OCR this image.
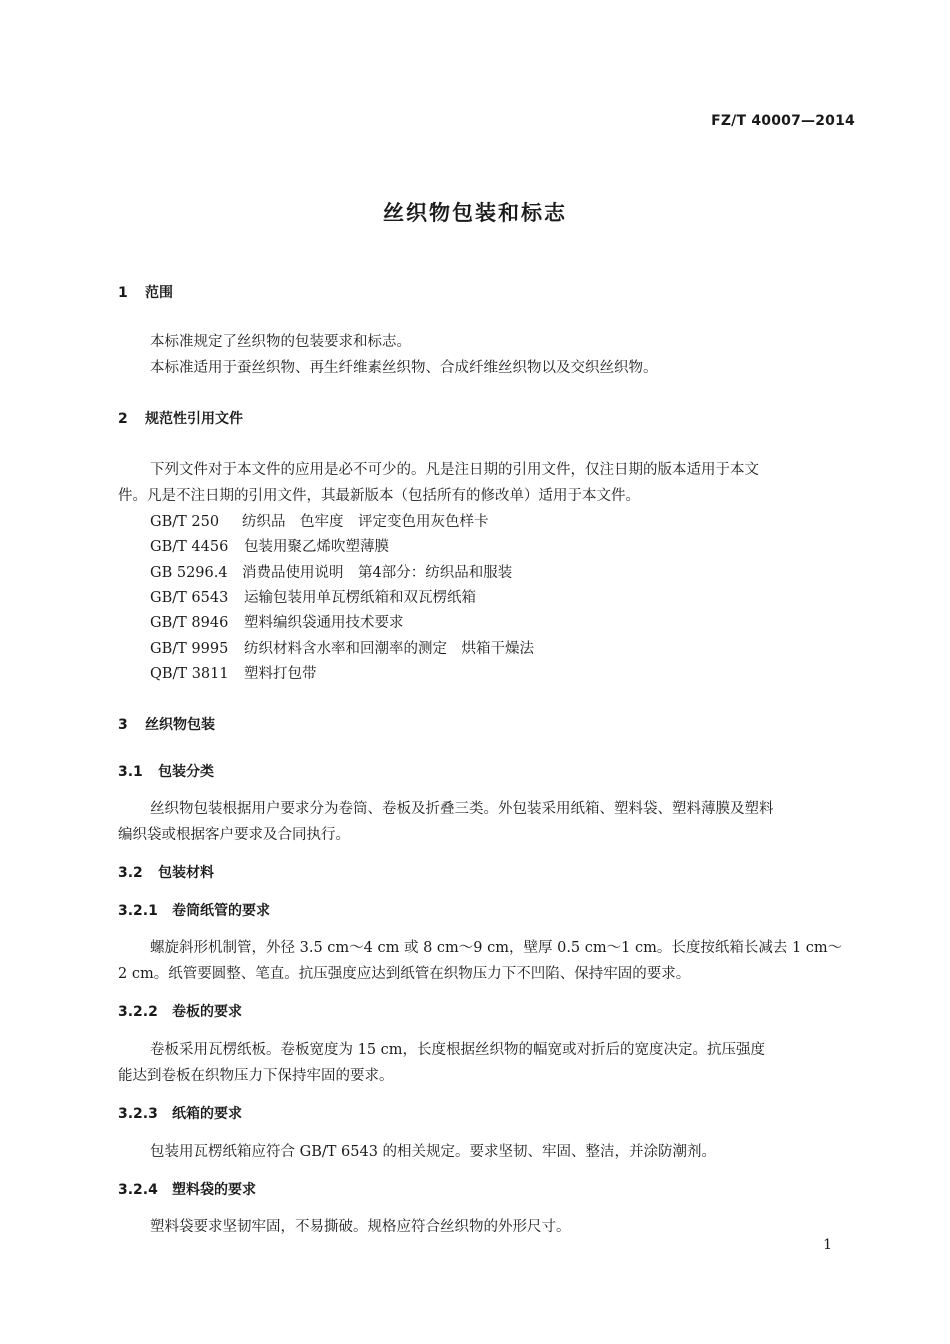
FZ/T 40007—2014
丝织物包装和标志
1 范围
本标准规定了丝织物的包装要求和标志。
本标准适用于蚕丝织物、再生纤维素丝织物、合成纤维丝织物以及交织丝织物。
2 规范性引用文件
下列文件对于本文件的应用是必不可少的。凡是注日期的引用文件，仅注日期的版本适用于本文
件。凡是不注日期的引用文件，其最新版本（包括所有的修改单）适用于本文件。
GB/T 250 纺织品　色牢度　评定变色用灰色样卡
GB/T 4456 包装用聚乙烯吹塑薄膜
GB 5296.4 消费品使用说明　第4部分：纺织品和服装
GB/T 6543 运输包装用单瓦楞纸箱和双瓦楞纸箱
GB/T 8946 塑料编织袋通用技术要求
GB/T 9995 纺织材料含水率和回潮率的测定　烘箱干燥法
QB/T 3811 塑料打包带
3 丝织物包装
3.1 包装分类
丝织物包装根据用户要求分为卷筒、卷板及折叠三类。外包装采用纸箱、塑料袋、塑料薄膜及塑料
编织袋或根据客户要求及合同执行。
3.2 包装材料
3.2.1 卷筒纸管的要求
螺旋斜形机制管，外径 3.5 cm～4 cm 或 8 cm～9 cm，壁厚 0.5 cm～1 cm。长度按纸箱长减去 1 cm～
2 cm。纸管要圆整、笔直。抗压强度应达到纸管在织物压力下不凹陷、保持牢固的要求。
3.2.2 卷板的要求
卷板采用瓦楞纸板。卷板宽度为 15 cm，长度根据丝织物的幅宽或对折后的宽度决定。抗压强度
能达到卷板在织物压力下保持牢固的要求。
3.2.3 纸箱的要求
包装用瓦楞纸箱应符合 GB/T 6543 的相关规定。要求坚韧、牢固、整洁，并涂防潮剂。
3.2.4 塑料袋的要求
塑料袋要求坚韧牢固，不易撕破。规格应符合丝织物的外形尺寸。
1
